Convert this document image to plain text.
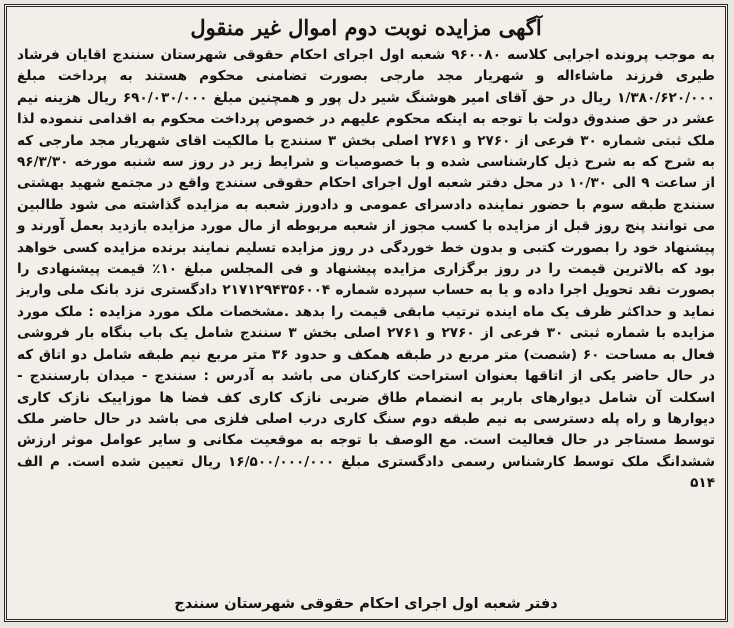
آگهی مزایده نوبت دوم اموال غیر منقول

به موجب پرونده اجرایی کلاسه ۹۶۰۰۸۰ شعبه اول اجرای احکام حقوقی شهرستان سنندج اقایان فرشاد طیری فرزند ماشاءاله و شهریار مجد مارجی بصورت تضامنی محکوم هستند به پرداخت مبلغ ۱/۳۸۰/۶۲۰/۰۰۰ ریال در حق آقای امیر هوشنگ شیر دل پور و همچنین مبلغ ۶۹۰/۰۳۰/۰۰۰ ریال هزینه نیم عشر در حق صندوق دولت با توجه به اینکه محکوم علیهم در خصوص پرداخت محکوم به اقدامی ننموده لذا ملک ثبتی شماره ۳۰ فرعی از ۲۷۶۰ و ۲۷۶۱ اصلی بخش ۳ سنندج با مالکیت اقای شهریار مجد مارجی که به شرح که به شرح ذیل کارشناسی شده و با خصوصیات و شرایط زیر در روز سه شنبه مورخه ۹۶/۳/۳۰ از ساعت ۹ الی ۱۰/۳۰ در محل دفتر شعبه اول اجرای احکام حقوقی سنندج واقع در مجتمع شهید بهشتی سنندج طبقه سوم با حضور نماینده دادسرای عمومی و دادورز شعبه به مزایده گذاشته می شود طالبین می توانند پنج روز قبل از مزایده با کسب مجوز از شعبه مربوطه از مال مورد مزایده بازدید بعمل آورند و پیشنهاد خود را بصورت کتبی و بدون خط خوردگی در روز مزایده تسلیم نمایند برنده مزایده کسی خواهد بود که بالاترین قیمت را در روز برگزاری مزایده پیشنهاد و فی المجلس مبلغ ۱۰٪ قیمت پیشنهادی را بصورت نقد تحویل اجرا داده و یا به حساب سپرده شماره ۲۱۷۱۲۹۴۳۵۶۰۰۴ دادگستری نزد بانک ملی واریز نماید و حداکثر ظرف یک ماه اینده ترتیب مابقی قیمت را بدهد .مشخصات ملک مورد مزایده : ملک مورد مزایده با شماره ثبتی ۳۰ فرعی از ۲۷۶۰ و ۲۷۶۱ اصلی بخش ۳ سنندج شامل یک باب بنگاه بار فروشی فعال به مساحت ۶۰ (شصت) متر مربع در طبقه همکف و حدود ۳۶ متر مربع نیم طبقه شامل دو اتاق که در حال حاضر یکی از اتاقها بعنوان استراحت کارکنان می باشد به آدرس : سنندج - میدان بارسنندج - اسکلت آن شامل دیوارهای باربر به انضمام طاق ضربی نازک کاری کف فضا ها موزاییک نازک کاری دیوارها و راه پله دسترسی به نیم طبقه دوم سنگ کاری درب اصلی فلزی می باشد در حال حاضر ملک توسط مستاجر در حال فعالیت است. مع الوصف با توجه به موقعیت مکانی و سایر عوامل موثر ارزش ششدانگ ملک توسط کارشناس رسمی دادگستری مبلغ ۱۶/۵۰۰/۰۰۰/۰۰۰ ریال تعیین شده است. م الف ۵۱۴

دفتر شعبه اول اجرای احکام حقوقی شهرستان سنندج
